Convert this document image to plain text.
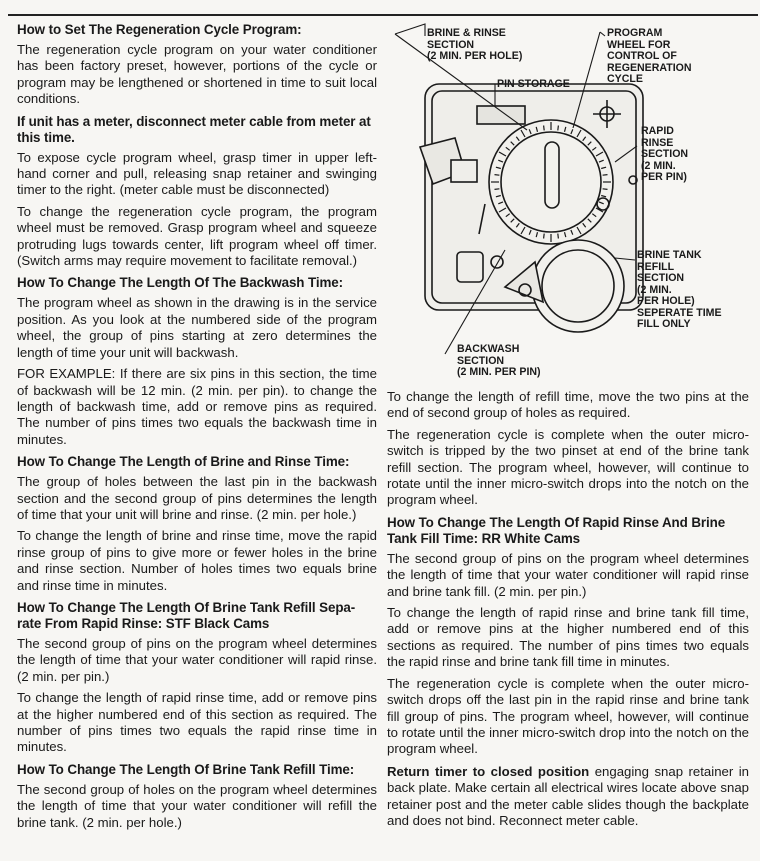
How to Set The Regeneration Cycle Program:

The regeneration cycle program on your water conditioner has been factory preset, however, portions of the cycle or program may be lengthened or shortened in time to suit local conditions.

If unit has a meter, disconnect meter cable from meter at this time.

To expose cycle program wheel, grasp timer in upper left-hand corner and pull, releasing snap retainer and swinging timer to the right. (meter cable must be disconnected)

To change the regeneration cycle program, the program wheel must be removed. Grasp program wheel and squeeze protruding lugs towards center, lift program wheel off timer. (Switch arms may require movement to facilitate removal.)

How To Change The Length Of The Backwash Time:

The program wheel as shown in the drawing is in the service position. As you look at the numbered side of the program wheel, the group of pins starting at zero determines the length of time your unit will backwash.

FOR EXAMPLE: If there are six pins in this section, the time of backwash will be 12 min. (2 min. per pin). to change the length of backwash time, add or remove pins as required. The number of pins times two equals the backwash time in minutes.

How To Change The Length of Brine and Rinse Time:

The group of holes between the last pin in the backwash section and the second group of pins determines the length of time that your unit will brine and rinse. (2 min. per hole.)

To change the length of brine and rinse time, move the rapid rinse group of pins to give more or fewer holes in the brine and rinse section. Number of holes times two equals brine and rinse time in minutes.

How To Change The Length Of Brine Tank Refill Sepa-rate From Rapid Rinse: STF Black Cams

The second group of pins on the program wheel determines the length of time that your water conditioner will rapid rinse. (2 min. per pin.)

To change the length of rapid rinse time, add or remove pins at the higher numbered end of this section as required. The number of pins times two equals the rapid rinse time in minutes.

How To Change The Length Of Brine Tank Refill Time:

The second group of holes on the program wheel determines the length of time that your water conditioner will refill the brine tank. (2 min. per hole.)

BRINE & RINSE
SECTION
(2 MIN. PER HOLE)
PROGRAM
WHEEL FOR
CONTROL OF
REGENERATION
CYCLE
PIN STORAGE
RAPID
RINSE
SECTION
(2 MIN.
PER PIN)
BRINE TANK
REFILL
SECTION
(2 MIN.
PER HOLE)
SEPERATE TIME
FILL ONLY
BACKWASH
SECTION
(2 MIN. PER PIN)

To change the length of refill time, move the two pins at the end of second group of holes as required.

The regeneration cycle is complete when the outer micro-switch is tripped by the two pinset at end of the brine tank refill section. The program wheel, however, will continue to rotate until the inner micro-switch drops into the notch on the program wheel.

How To Change The Length Of Rapid Rinse And Brine Tank Fill Time: RR White Cams

The second group of pins on the program wheel determines the length of time that your water conditioner will rapid rinse and brine tank fill. (2 min. per pin.)

To change the length of rapid rinse and brine tank fill time, add or remove pins at the higher numbered end of this sections as required. The number of pins times two equals the rapid rinse and brine tank fill time in minutes.

The regeneration cycle is complete when the outer micro-switch drops off the last pin in the rapid rinse and brine tank fill group of pins. The program wheel, however, will continue to rotate until the inner micro-switch drop into the notch on the program wheel.

Return timer to closed position engaging snap retainer in back plate. Make certain all electrical wires locate above snap retainer post and the meter cable slides though the backplate and does not bind. Reconnect meter cable.
